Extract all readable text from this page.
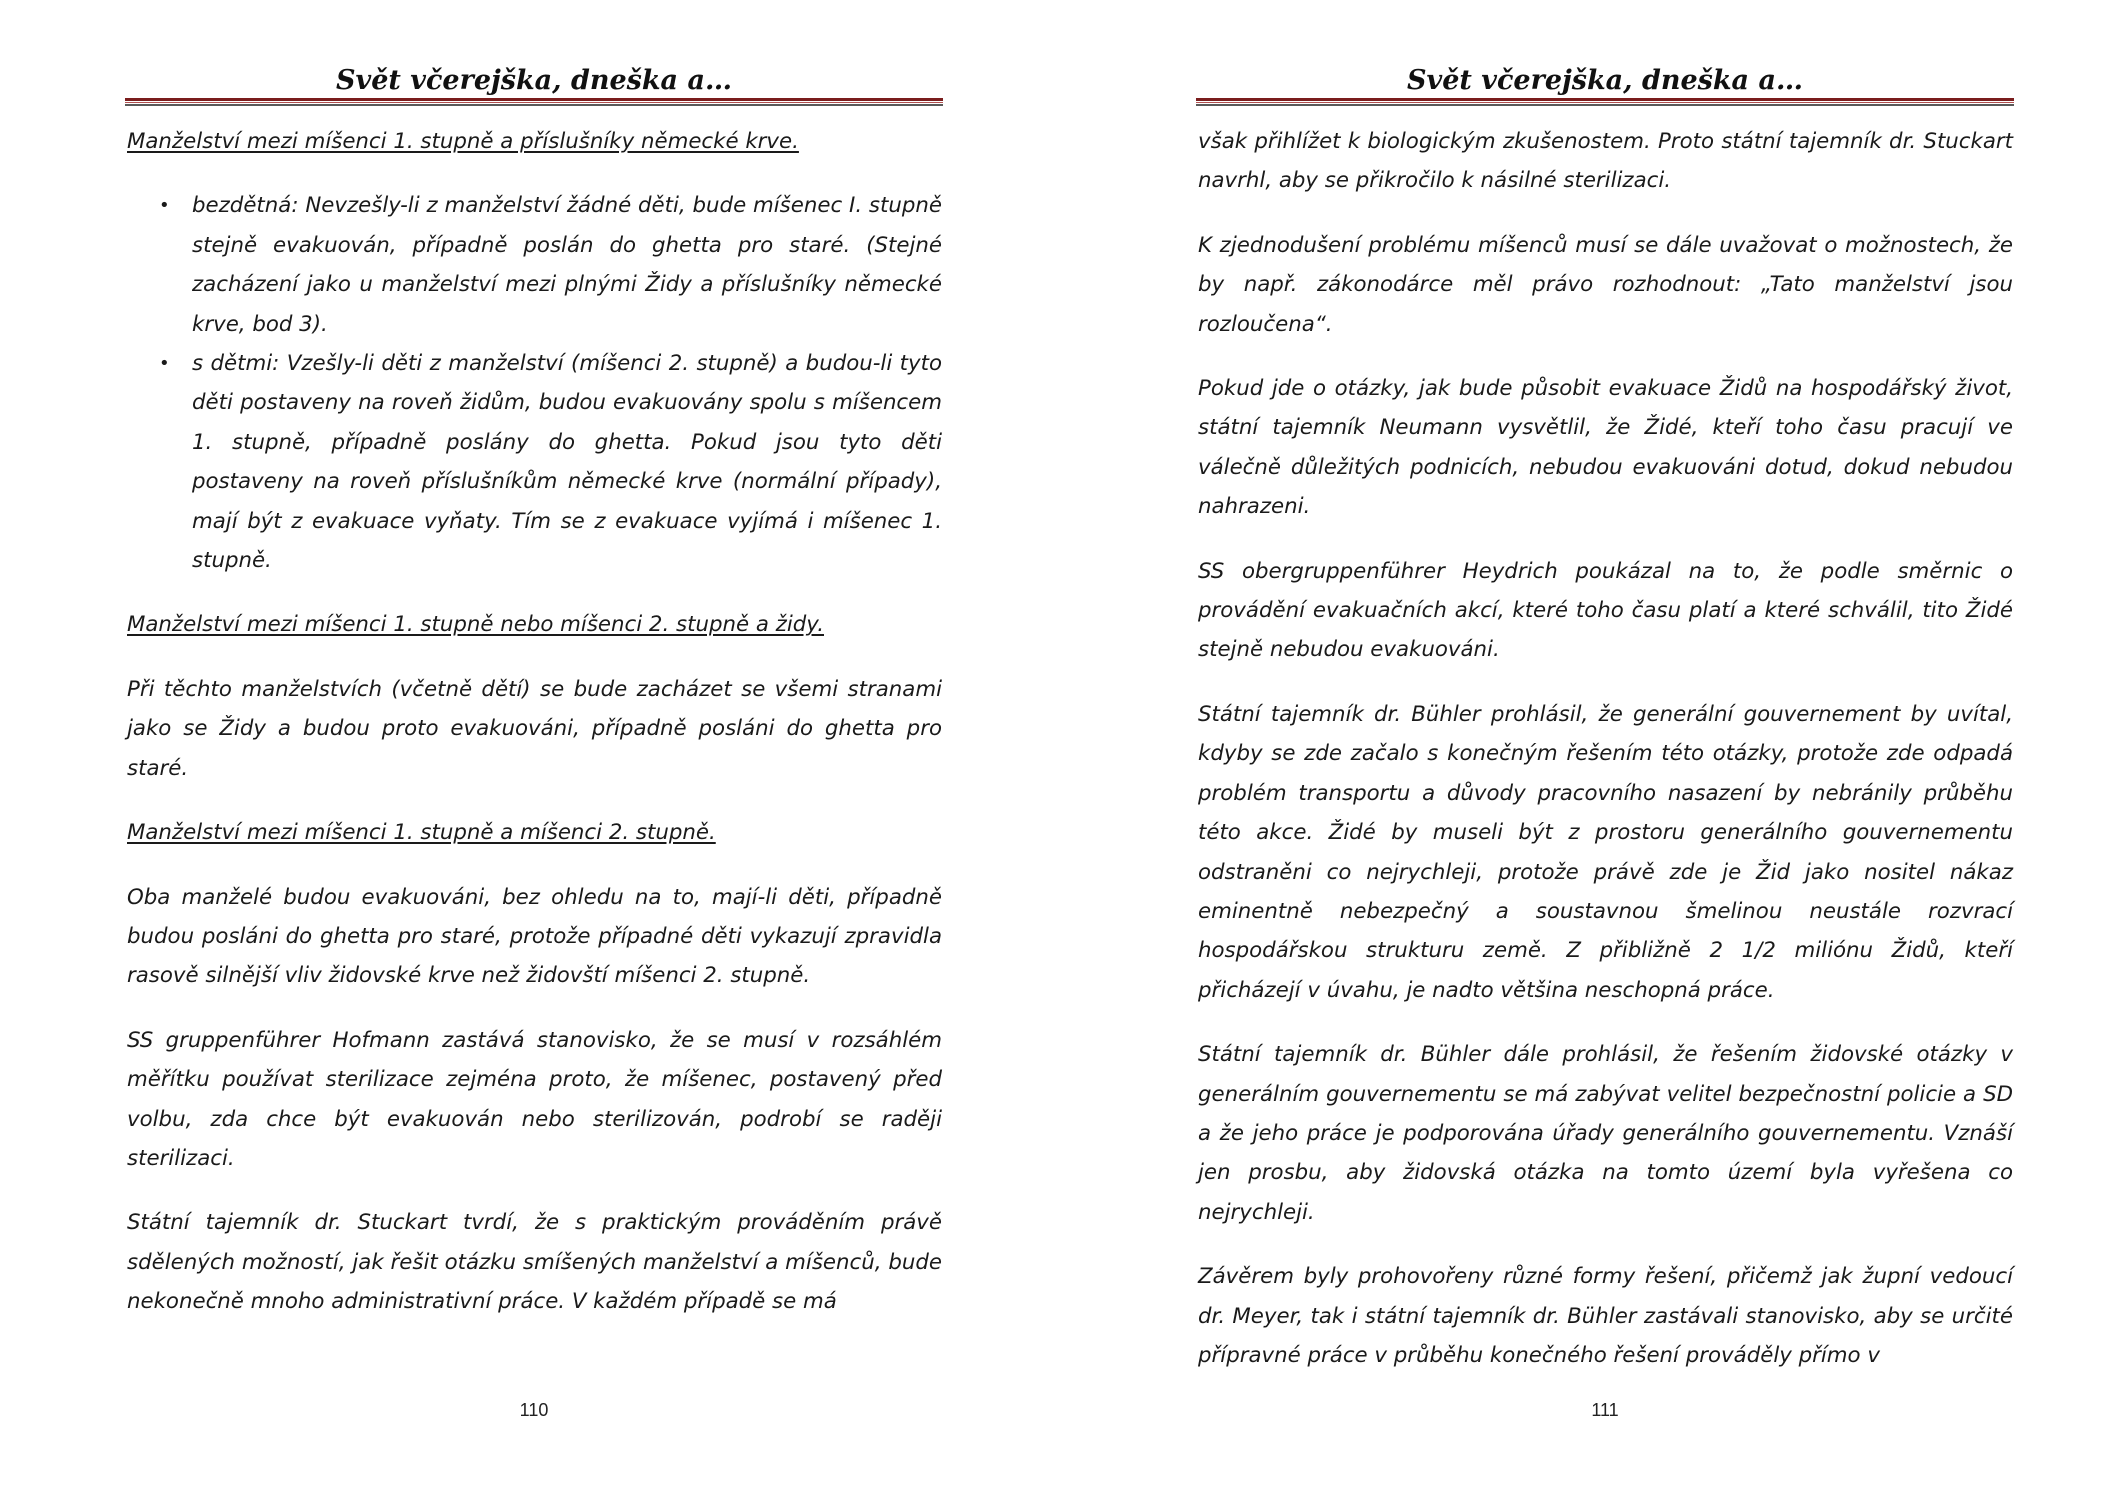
Svět včerejška, dneška a…

Manželství mezi míšenci 1. stupně a příslušníky německé krve.

• bezdětná: Nevzešly-li z manželství žádné děti, bude míšenec I. stupně stejně evakuován, případně poslán do ghetta pro staré. (Stejné zacházení jako u manželství mezi plnými Židy a příslušníky německé krve, bod 3).
• s dětmi: Vzešly-li děti z manželství (míšenci 2. stupně) a budou-li tyto děti postaveny na roveň židům, budou evakuovány spolu s míšencem 1. stupně, případně poslány do ghetta. Pokud jsou tyto děti postaveny na roveň příslušníkům německé krve (normální případy), mají být z evakuace vyňaty. Tím se z evakuace vyjímá i míšenec 1. stupně.

Manželství mezi míšenci 1. stupně nebo míšenci 2. stupně a židy.

Při těchto manželstvích (včetně dětí) se bude zacházet se všemi stranami jako se Židy a budou proto evakuováni, případně posláni do ghetta pro staré.

Manželství mezi míšenci 1. stupně a míšenci 2. stupně.

Oba manželé budou evakuováni, bez ohledu na to, mají-li děti, případně budou posláni do ghetta pro staré, protože případné děti vykazují zpravidla rasově silnější vliv židovské krve než židovští míšenci 2. stupně.

SS gruppenführer Hofmann zastává stanovisko, že se musí v rozsáhlém měřítku používat sterilizace zejména proto, že míšenec, postavený před volbu, zda chce být evakuován nebo sterilizován, podrobí se raději sterilizaci.

Státní tajemník dr. Stuckart tvrdí, že s praktickým prováděním právě sdělených možností, jak řešit otázku smíšených manželství a míšenců, bude nekonečně mnoho administrativní práce. V každém případě se má

110
Svět včerejška, dneška a…

však přihlížet k biologickým zkušenostem. Proto státní tajemník dr. Stuckart navrhl, aby se přikročilo k násilné sterilizaci.

K zjednodušení problému míšenců musí se dále uvažovat o možnostech, že by např. zákonodárce měl právo rozhodnout: „Tato manželství jsou rozloučena“.

Pokud jde o otázky, jak bude působit evakuace Židů na hospodářský život, státní tajemník Neumann vysvětlil, že Židé, kteří toho času pracují ve válečně důležitých podnicích, nebudou evakuováni dotud, dokud nebudou nahrazeni.

SS obergruppenführer Heydrich poukázal na to, že podle směrnic o provádění evakuačních akcí, které toho času platí a které schválil, tito Židé stejně nebudou evakuováni.

Státní tajemník dr. Bühler prohlásil, že generální gouvernement by uvítal, kdyby se zde začalo s konečným řešením této otázky, protože zde odpadá problém transportu a důvody pracovního nasazení by nebránily průběhu této akce. Židé by museli být z prostoru generálního gouvernementu odstraněni co nejrychleji, protože právě zde je Žid jako nositel nákaz eminentně nebezpečný a soustavnou šmelinou neustále rozvrací hospodářskou strukturu země. Z přibližně 2 1/2 miliónu Židů, kteří přicházejí v úvahu, je nadto většina neschopná práce.

Státní tajemník dr. Bühler dále prohlásil, že řešením židovské otázky v generálním gouvernementu se má zabývat velitel bezpečnostní policie a SD a že jeho práce je podporována úřady generálního gouvernementu. Vznáší jen prosbu, aby židovská otázka na tomto území byla vyřešena co nejrychleji.

Závěrem byly prohovořeny různé formy řešení, přičemž jak župní vedoucí dr. Meyer, tak i státní tajemník dr. Bühler zastávali stanovisko, aby se určité přípravné práce v průběhu konečného řešení prováděly přímo v

111
